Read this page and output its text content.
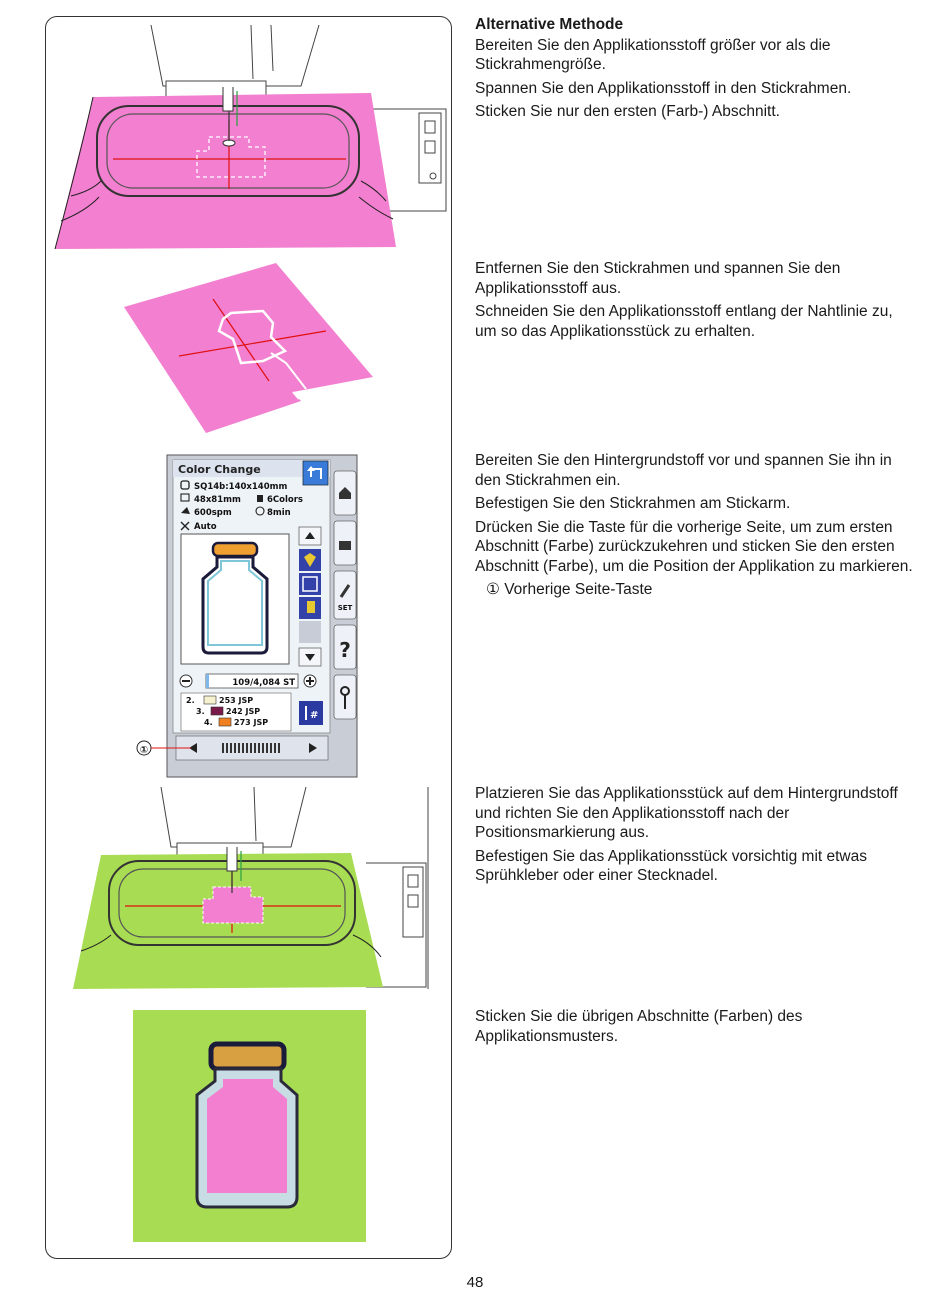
Color Change
SQ14b:140x140mm
48x81mm	6Colors
600spm	8min
Auto
109/4,084 ST
2.	253 JSP
3.	242 JSP
4.	273 JSP
#
SET
?
①
Alternative Methode

Bereiten Sie den Applikationsstoff größer vor als die Stickrahmengröße.

Spannen Sie den Applikationsstoff in den Stickrahmen.

Sticken Sie nur den ersten (Farb-) Abschnitt.

Entfernen Sie den Stickrahmen und spannen Sie den Applikationsstoff aus.

Schneiden Sie den Applikationsstoff entlang der Nahtlinie zu, um so das Applikationsstück zu erhalten.

Bereiten Sie den Hintergrundstoff vor und spannen Sie ihn in den Stickrahmen ein.

Befestigen Sie den Stickrahmen am Stickarm.

Drücken Sie die Taste für die vorherige Seite, um zum ersten Abschnitt (Farbe) zurückzukehren und sticken Sie den ersten Abschnitt (Farbe), um die Position der Applikation zu markieren.

① Vorherige Seite-Taste

Platzieren Sie das Applikationsstück auf dem Hintergrundstoff und richten Sie den Applikationsstoff nach der Positionsmarkierung aus.

Befestigen Sie das Applikationsstück vorsichtig mit etwas Sprühkleber oder einer Stecknadel.

Sticken Sie die übrigen Abschnitte (Farben) des Applikationsmusters.

48
